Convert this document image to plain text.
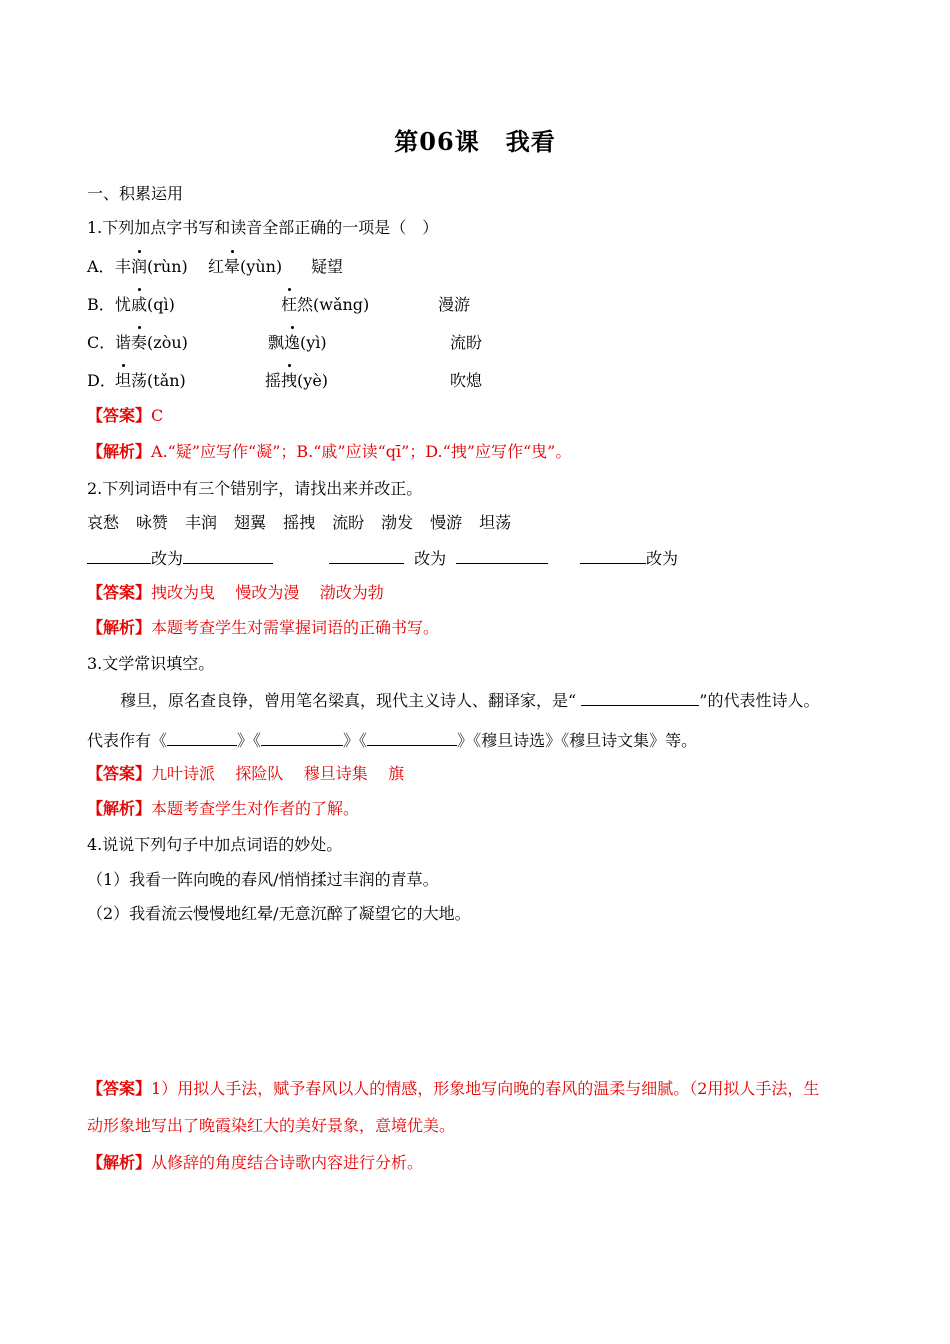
第06课 我看
一、积累运用
1.下列加点字书写和读音全部正确的一项是（　）
A． 丰润(rùn) 红晕(yùn) 疑望
B． 忧戚(qì)	枉然(wǎng)	漫游
C． 谐奏(zòu)	飘逸(yì)	流盼
D． 坦荡(tǎn)	摇拽(yè)	吹熄
【答案】C
【解析】A.“疑”应写作“凝”；B.“戚”应读“qī”；D.“拽”应写作“曳”。
2.下列词语中有三个错别字，请找出来并改正。
哀愁 咏赞 丰润 翅翼 摇拽 流盼 渤发 慢游 坦荡
改为	改为	改为
【答案】拽改为曳 慢改为漫 渤改为勃
【解析】本题考查学生对需掌握词语的正确书写。
3.文学常识填空。
穆旦，原名查良铮，曾用笔名梁真，现代主义诗人、翻译家，是“	”的代表性诗人。
代表作有《	》《	》《	》《穆旦诗选》《穆旦诗文集》等。
【答案】九叶诗派 探险队 穆旦诗集 旗
【解析】本题考查学生对作者的了解。
4.说说下列句子中加点词语的妙处。
（1）我看一阵向晚的春风/悄悄揉过丰润的青草。
（2）我看流云慢慢地红晕/无意沉醉了凝望它的大地。
【答案】1）用拟人手法，赋予春风以人的情感，形象地写向晚的春风的温柔与细腻。（2用拟人手法，生
动形象地写出了晚霞染红大的美好景象，意境优美。
【解析】从修辞的角度结合诗歌内容进行分析。
